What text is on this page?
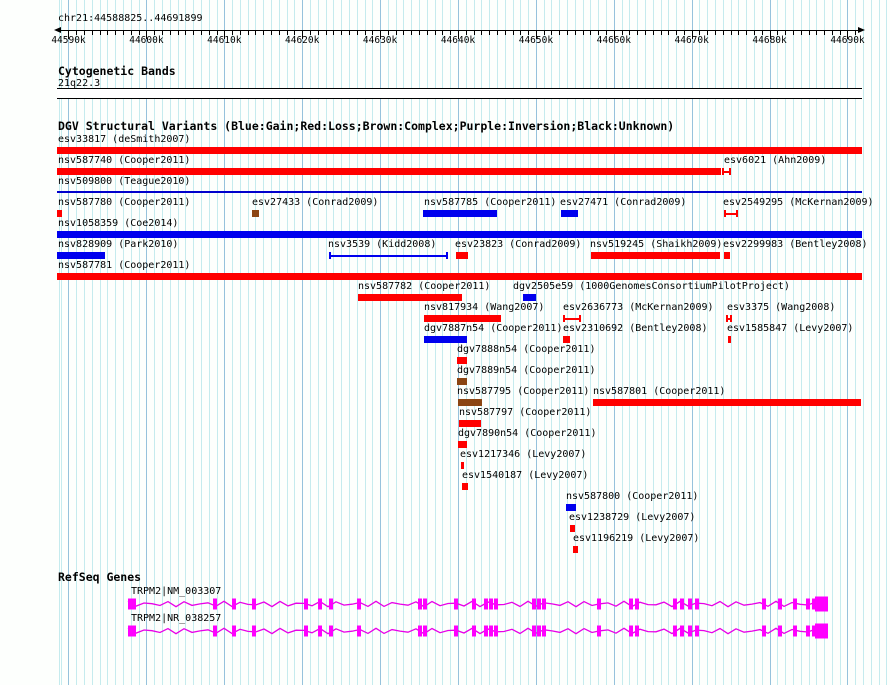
chr21:44588825..44691899
44590k	44600k	44610k	44620k	44630k	44640k	44650k	44660k	44670k	44680k	44690k
Cytogenetic Bands
21q22.3
DGV Structural Variants (Blue:Gain;Red:Loss;Brown:Complex;Purple:Inversion;Black:Unknown)
esv33817 (deSmith2007)
nsv587740 (Cooper2011)	esv6021 (Ahn2009)
nsv509800 (Teague2010)
nsv587780 (Cooper2011)	esv27433 (Conrad2009)	nsv587785 (Cooper2011) esv27471 (Conrad2009)	esv2549295 (McKernan2009)
nsv1058359 (Coe2014)
nsv828909 (Park2010)	nsv3539 (Kidd2008) esv23823 (Conrad2009) nsv519245 (Shaikh2009) esv2299983 (Bentley2008)
nsv587781 (Cooper2011)
nsv587782 (Cooper2011) dgv2505e59 (1000GenomesConsortiumPilotProject)
nsv817934 (Wang2007) esv2636773 (McKernan2009) esv3375 (Wang2008)
dgv7887n54 (Cooper2011) esv2310692 (Bentley2008) esv1585847 (Levy2007)
dgv7888n54 (Cooper2011)
dgv7889n54 (Cooper2011)
nsv587795 (Cooper2011) nsv587801 (Cooper2011)
nsv587797 (Cooper2011)
dgv7890n54 (Cooper2011)
esv1217346 (Levy2007)
esv1540187 (Levy2007)
nsv587800 (Cooper2011)
esv1238729 (Levy2007)
esv1196219 (Levy2007)
RefSeq Genes
TRPM2|NM_003307
TRPM2|NR_038257
